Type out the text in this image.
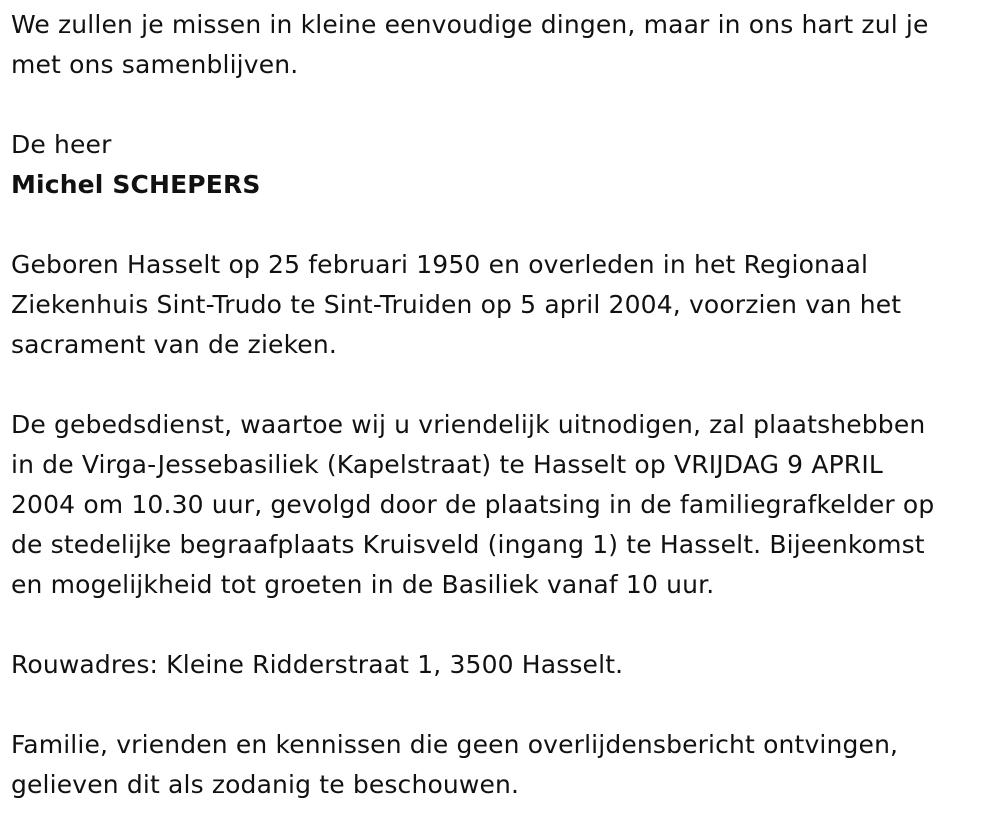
We zullen je missen in kleine eenvoudige dingen, maar in ons hart zul je
met ons samenblijven.

De heer

Michel SCHEPERS

Geboren Hasselt op 25 februari 1950 en overleden in het Regionaal
Ziekenhuis Sint-Trudo te Sint-Truiden op 5 april 2004, voorzien van het
sacrament van de zieken.

De gebedsdienst, waartoe wij u vriendelijk uitnodigen, zal plaatshebben
in de Virga-Jessebasiliek (Kapelstraat) te Hasselt op VRIJDAG 9 APRIL
2004 om 10.30 uur, gevolgd door de plaatsing in de familiegrafkelder op
de stedelijke begraafplaats Kruisveld (ingang 1) te Hasselt. Bijeenkomst
en mogelijkheid tot groeten in de Basiliek vanaf 10 uur.

Rouwadres: Kleine Ridderstraat 1, 3500 Hasselt.

Familie, vrienden en kennissen die geen overlijdensbericht ontvingen,
gelieven dit als zodanig te beschouwen.
